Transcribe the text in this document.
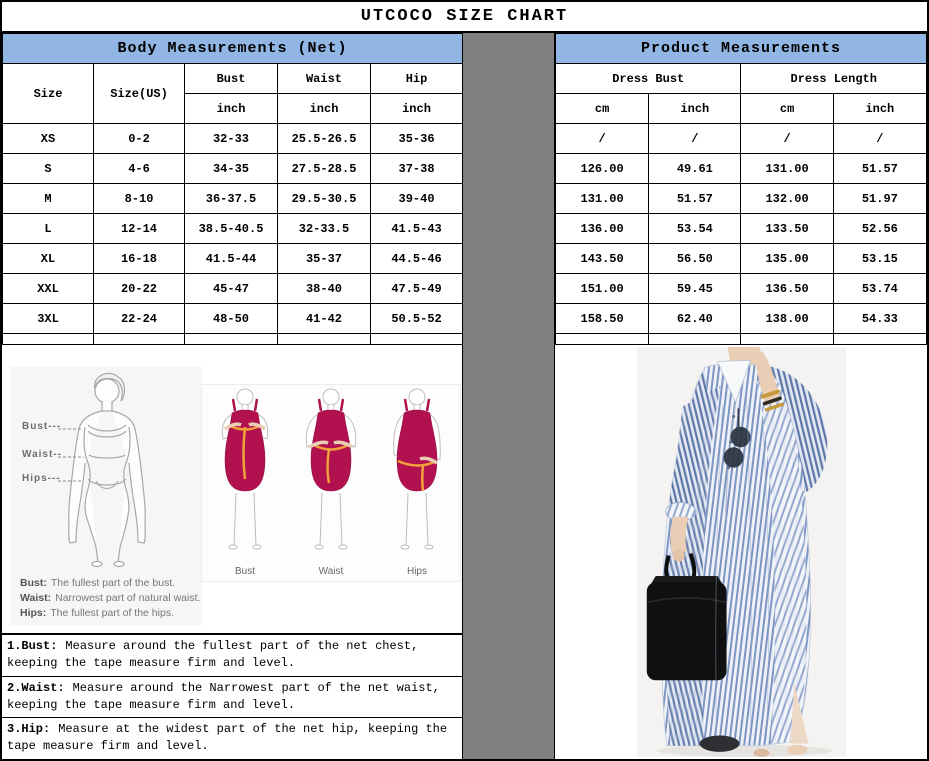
UTCOCO SIZE CHART
Body Measurements (Net)				
Size	Size(US)	Bust	Waist	Hip
		inch	inch	inch
XS	0-2	32-33	25.5-26.5	35-36
S	4-6	34-35	27.5-28.5	37-38
M	8-10	36-37.5	29.5-30.5	39-40
L	12-14	38.5-40.5	32-33.5	41.5-43
XL	16-18	41.5-44	35-37	44.5-46
XXL	20-22	45-47	38-40	47.5-49
3XL	22-24	48-50	41-42	50.5-52

Bust---
Waist--
Hips---
Bust: The fullest part of the bust.
Waist: Narrowest part of natural waist.
Hips: The fullest part of the hips.
Bust	Waist	Hips
1.Bust: Measure around the fullest part of the net chest, keeping the tape measure firm and level.
2.Waist: Measure around the Narrowest part of the net waist, keeping the tape measure firm and level.
3.Hip: Measure at the widest part of the net hip, keeping the tape measure firm and level.
Product Measurements			
Dress Bust		Dress Length	
cm	inch	cm	inch
/	/	/	/
126.00	49.61	131.00	51.57
131.00	51.57	132.00	51.97
136.00	53.54	133.50	52.56
143.50	56.50	135.00	53.15
151.00	59.45	136.50	53.74
158.50	62.40	138.00	54.33
